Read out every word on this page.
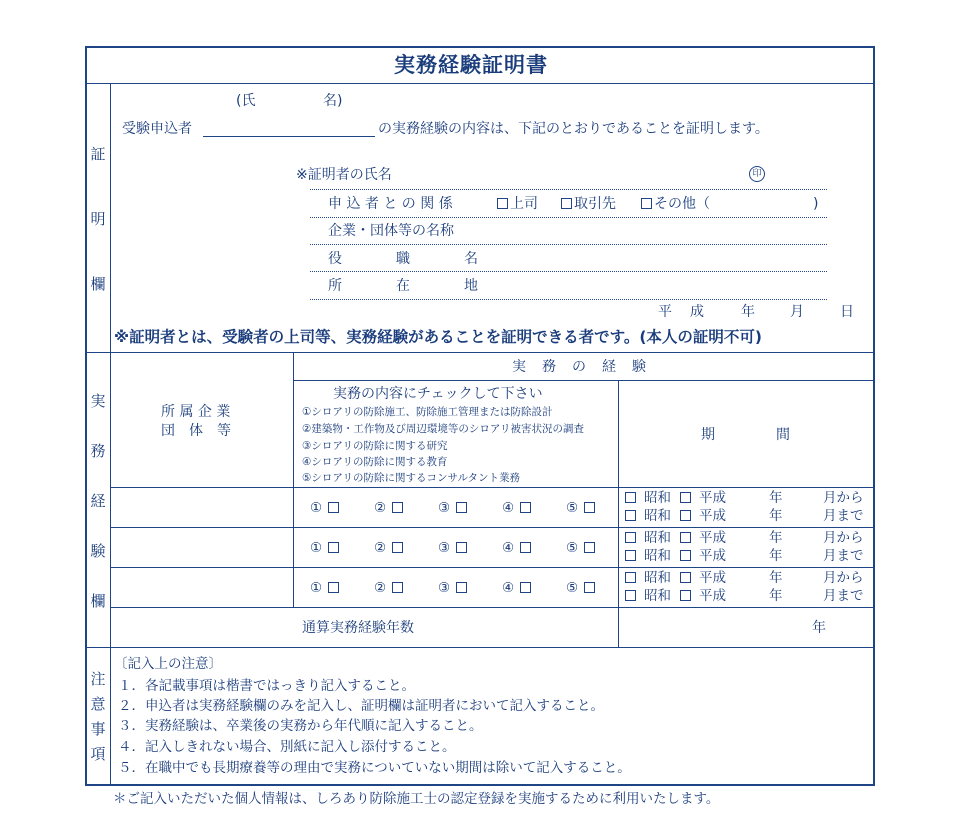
実務経験証明書
証
明
欄
(氏	名)
受験申込者	の実務経験の内容は、下記のとおりであることを証明します。
※証明者の氏名	印
申 込 者 と の 関 係	上司	取引先	その他（	)
企業・団体等の名称
役	職	名
所	在	地
平 成	年	月	日
※証明者とは、受験者の上司等、実務経験があることを証明できる者です。(本人の証明不可)
実
務
経
験
欄
実　務　の　経　験
所 属 企 業
団　体　等
実務の内容にチェックして下さい
①シロアリの防除施工、防除施工管理または防除設計
②建築物・工作物及び周辺環境等のシロアリ被害状況の調査
③シロアリの防除に関する研究
④シロアリの防除に関する教育
⑤シロアリの防除に関するコンサルタント業務
期	間
①	②	③	④	⑤
昭和 平成	年	月から
昭和 平成	年	月まで
①	②	③	④	⑤
昭和 平成	年	月から
昭和 平成	年	月まで
①	②	③	④	⑤
昭和 平成	年	月から
昭和 平成	年	月まで
通算実務経験年数	年
注
意
事
項
〔記入上の注意〕
１．各記載事項は楷書ではっきり記入すること。
２．申込者は実務経験欄のみを記入し、証明欄は証明者において記入すること。
３．実務経験は、卒業後の実務から年代順に記入すること。
４．記入しきれない場合、別紙に記入し添付すること。
５．在職中でも長期療養等の理由で実務についていない期間は除いて記入すること。
＊ご記入いただいた個人情報は、しろあり防除施工士の認定登録を実施するために利用いたします。
